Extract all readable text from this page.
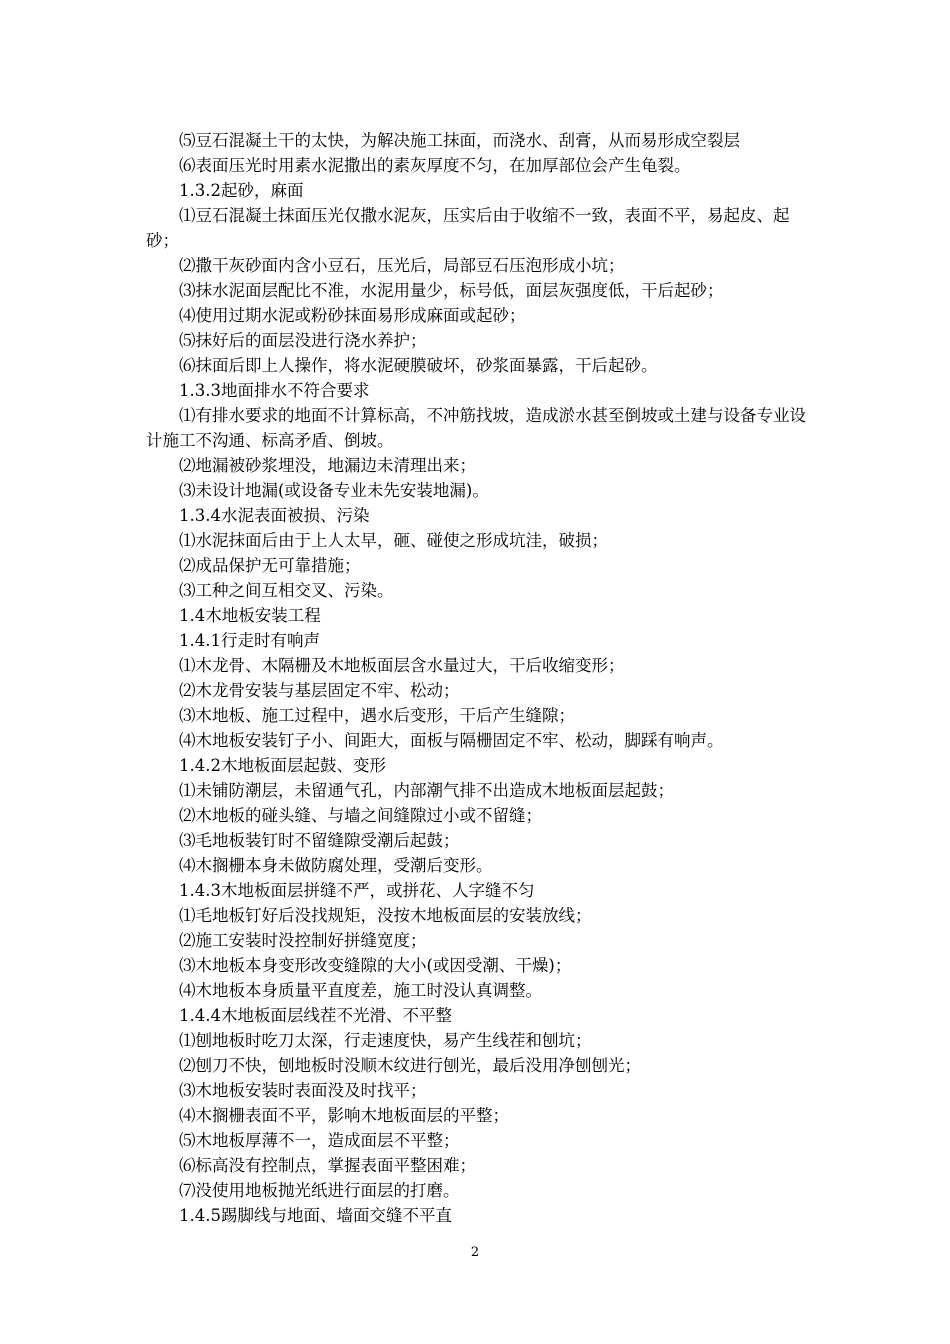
⑸豆石混凝土干的太快，为解决施工抹面，而浇水、刮膏，从而易形成空裂层

⑹表面压光时用素水泥撒出的素灰厚度不匀，在加厚部位会产生龟裂。

1.3.2起砂，麻面

⑴豆石混凝土抹面压光仅撒水泥灰，压实后由于收缩不一致，表面不平，易起皮、起砂；

⑵撒干灰砂面内含小豆石，压光后，局部豆石压泡形成小坑；

⑶抹水泥面层配比不准，水泥用量少，标号低，面层灰强度低，干后起砂；

⑷使用过期水泥或粉砂抹面易形成麻面或起砂；

⑸抹好后的面层没进行浇水养护；

⑹抹面后即上人操作，将水泥硬膜破坏，砂浆面暴露，干后起砂。

1.3.3地面排水不符合要求

⑴有排水要求的地面不计算标高，不冲筋找坡，造成淤水甚至倒坡或土建与设备专业设计施工不沟通、标高矛盾、倒坡。

⑵地漏被砂浆埋没，地漏边未清理出来；

⑶未设计地漏(或设备专业未先安装地漏)。

1.3.4水泥表面被损、污染

⑴水泥抹面后由于上人太早，砸、碰使之形成坑洼，破损；

⑵成品保护无可靠措施；

⑶工种之间互相交叉、污染。

1.4木地板安装工程

1.4.1行走时有响声

⑴木龙骨、木隔栅及木地板面层含水量过大，干后收缩变形；

⑵木龙骨安装与基层固定不牢、松动；

⑶木地板、施工过程中，遇水后变形，干后产生缝隙；

⑷木地板安装钉子小、间距大，面板与隔栅固定不牢、松动，脚踩有响声。

1.4.2木地板面层起鼓、变形

⑴未铺防潮层，未留通气孔，内部潮气排不出造成木地板面层起鼓；

⑵木地板的碰头缝、与墙之间缝隙过小或不留缝；

⑶毛地板装钉时不留缝隙受潮后起鼓；

⑷木搁栅本身未做防腐处理，受潮后变形。

1.4.3木地板面层拼缝不严，或拼花、人字缝不匀

⑴毛地板钉好后没找规矩，没按木地板面层的安装放线；

⑵施工安装时没控制好拼缝宽度；

⑶木地板本身变形改变缝隙的大小(或因受潮、干燥)；

⑷木地板本身质量平直度差，施工时没认真调整。

1.4.4木地板面层线茬不光滑、不平整

⑴刨地板时吃刀太深，行走速度快，易产生线茬和刨坑；

⑵刨刀不快，刨地板时没顺木纹进行刨光，最后没用净刨刨光；

⑶木地板安装时表面没及时找平；

⑷木搁栅表面不平，影响木地板面层的平整；

⑸木地板厚薄不一，造成面层不平整；

⑹标高没有控制点，掌握表面平整困难；

⑺没使用地板抛光纸进行面层的打磨。

1.4.5踢脚线与地面、墙面交缝不平直

2
